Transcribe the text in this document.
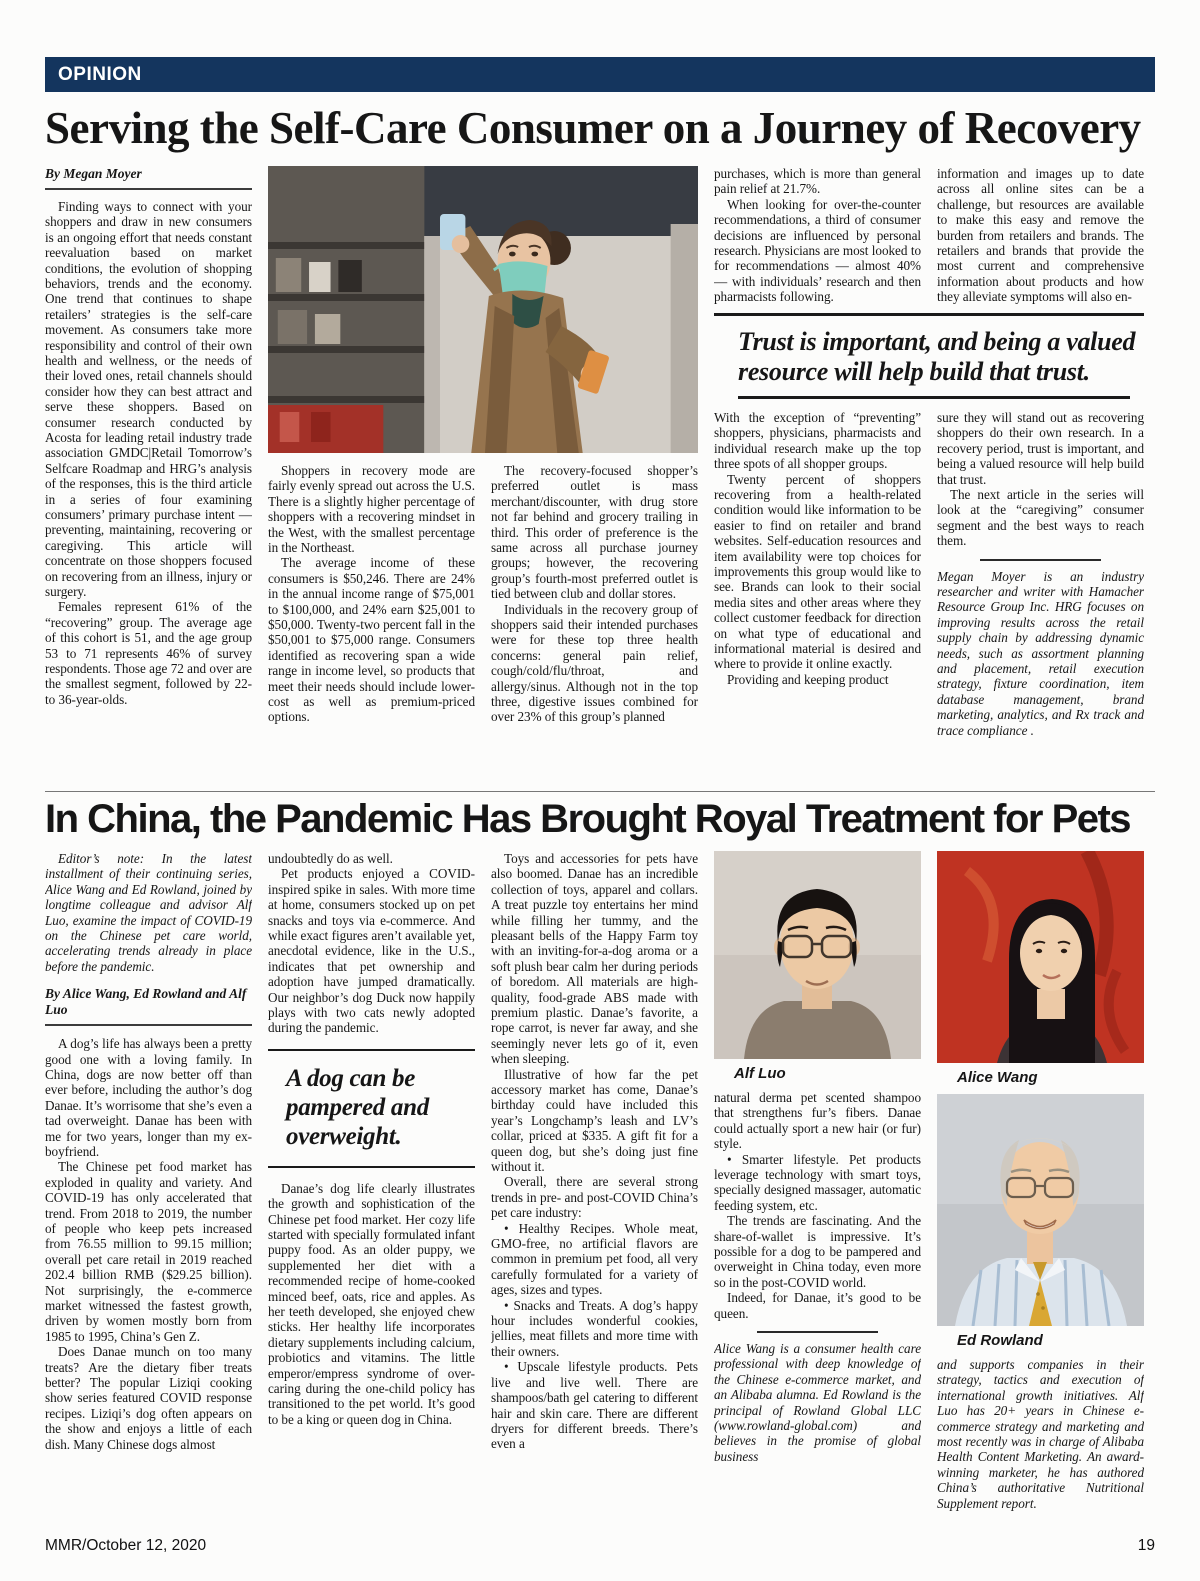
OPINION
Serving the Self-Care Consumer on a Journey of Recovery
By Megan Moyer

Finding ways to connect with your shoppers and draw in new consumers is an ongoing effort that needs constant reevaluation based on market conditions, the evolution of shopping behaviors, trends and the economy. One trend that continues to shape retailers’ strategies is the self-care movement. As consumers take more responsibility and control of their own health and wellness, or the needs of their loved ones, retail channels should consider how they can best attract and serve these shoppers. Based on consumer research conducted by Acosta for leading retail industry trade association GMDC|Retail Tomorrow’s Selfcare Roadmap and HRG’s analysis of the responses, this is the third article in a series of four examining consumers’ primary purchase intent — preventing, maintaining, recovering or caregiving. This article will concentrate on those shoppers focused on recovering from an illness, injury or surgery.

Females represent 61% of the “recovering” group. The average age of this cohort is 51, and the age group 53 to 71 represents 46% of survey respondents. Those age 72 and over are the smallest segment, followed by 22- to 36-year-olds.

Shoppers in recovery mode are fairly evenly spread out across the U.S. There is a slightly higher percentage of shoppers with a recovering mindset in the West, with the smallest percentage in the Northeast.

The average income of these consumers is $50,246. There are 24% in the annual income range of $75,001 to $100,000, and 24% earn $25,001 to $50,000. Twenty-two percent fall in the $50,001 to $75,000 range. Consumers identified as recovering span a wide range in income level, so products that meet their needs should include lower-cost as well as premium-priced options.

The recovery-focused shopper’s preferred outlet is mass merchant/discounter, with drug store not far behind and grocery trailing in third. This order of preference is the same across all purchase journey groups; however, the recovering group’s fourth-most preferred outlet is tied between club and dollar stores.

Individuals in the recovery group of shoppers said their intended purchases were for these top three health concerns: general pain relief, cough/cold/flu/throat, and allergy/sinus. Although not in the top three, digestive issues combined for over 23% of this group’s planned

purchases, which is more than general pain relief at 21.7%.

When looking for over-the-counter recommendations, a third of consumer decisions are influenced by personal research. Physicians are most looked to for recommendations — almost 40% — with individuals’ research and then pharmacists following.

information and images up to date across all online sites can be a challenge, but resources are available to make this easy and remove the burden from retailers and brands. The retailers and brands that provide the most current and comprehensive information about products and how they alleviate symptoms will also en-

Trust is important, and being a valued resource will help build that trust.

With the exception of “preventing” shoppers, physicians, pharmacists and individual research make up the top three spots of all shopper groups.

Twenty percent of shoppers recovering from a health-related condition would like information to be easier to find on retailer and brand websites. Self-education resources and item availability were top choices for improvements this group would like to see. Brands can look to their social media sites and other areas where they collect customer feedback for direction on what type of educational and informational material is desired and where to provide it online exactly.

Providing and keeping product

sure they will stand out as recovering shoppers do their own research. In a recovery period, trust is important, and being a valued resource will help build that trust.

The next article in the series will look at the “caregiving” consumer segment and the best ways to reach them.

Megan Moyer is an industry researcher and writer with Hamacher Resource Group Inc. HRG focuses on improving results across the retail supply chain by addressing dynamic needs, such as assortment planning and placement, retail execution strategy, fixture coordination, item database management, brand marketing, analytics, and Rx track and trace compliance .

In China, the Pandemic Has Brought Royal Treatment for Pets

Editor’s note: In the latest installment of their continuing series, Alice Wang and Ed Rowland, joined by longtime colleague and advisor Alf Luo, examine the impact of COVID-19 on the Chinese pet care world, accelerating trends already in place before the pandemic.

By Alice Wang, Ed Rowland and Alf Luo

A dog’s life has always been a pretty good one with a loving family. In China, dogs are now better off than ever before, including the author’s dog Danae. It’s worrisome that she’s even a tad overweight. Danae has been with me for two years, longer than my ex-boyfriend.

The Chinese pet food market has exploded in quality and variety. And COVID-19 has only accelerated that trend. From 2018 to 2019, the number of people who keep pets increased from 76.55 million to 99.15 million; overall pet care retail in 2019 reached 202.4 billion RMB ($29.25 billion). Not surprisingly, the e-commerce market witnessed the fastest growth, driven by women mostly born from 1985 to 1995, China’s Gen Z.

Does Danae munch on too many treats? Are the dietary fiber treats better? The popular Liziqi cooking show series featured COVID response recipes. Liziqi’s dog often appears on the show and enjoys a little of each dish. Many Chinese dogs almost

undoubtedly do as well.

Pet products enjoyed a COVID-inspired spike in sales. With more time at home, consumers stocked up on pet snacks and toys via e-commerce. And while exact figures aren’t available yet, anecdotal evidence, like in the U.S., indicates that pet ownership and adoption have jumped dramatically. Our neighbor’s dog Duck now happily plays with two cats newly adopted during the pandemic.

A dog can be pampered and overweight.

Danae’s dog life clearly illustrates the growth and sophistication of the Chinese pet food market. Her cozy life started with specially formulated infant puppy food. As an older puppy, we supplemented her diet with a recommended recipe of home-cooked minced beef, oats, rice and apples. As her teeth developed, she enjoyed chew sticks. Her healthy life incorporates dietary supplements including calcium, probiotics and vitamins. The little emperor/empress syndrome of over-caring during the one-child policy has transitioned to the pet world. It’s good to be a king or queen dog in China.

Toys and accessories for pets have also boomed. Danae has an incredible collection of toys, apparel and collars. A treat puzzle toy entertains her mind while filling her tummy, and the pleasant bells of the Happy Farm toy with an inviting-for-a-dog aroma or a soft plush bear calm her during periods of boredom. All materials are high-quality, food-grade ABS made with premium plastic. Danae’s favorite, a rope carrot, is never far away, and she seemingly never lets go of it, even when sleeping.

Illustrative of how far the pet accessory market has come, Danae’s birthday could have included this year’s Longchamp’s leash and LV’s collar, priced at $335. A gift fit for a queen dog, but she’s doing just fine without it.

Overall, there are several strong trends in pre- and post-COVID China’s pet care industry:

• Healthy Recipes. Whole meat, GMO-free, no artificial flavors are common in premium pet food, all very carefully formulated for a variety of ages, sizes and types.

• Snacks and Treats. A dog’s happy hour includes wonderful cookies, jellies, meat fillets and more time with their owners.

• Upscale lifestyle products. Pets live and live well. There are shampoos/bath gel catering to different hair and skin care. There are different dryers for different breeds. There’s even a

Alf Luo

natural derma pet scented shampoo that strengthens fur’s fibers. Danae could actually sport a new hair (or fur) style.

• Smarter lifestyle. Pet products leverage technology with smart toys, specially designed massager, automatic feeding system, etc.

The trends are fascinating. And the share-of-wallet is impressive. It’s possible for a dog to be pampered and overweight in China today, even more so in the post-COVID world.

Indeed, for Danae, it’s good to be queen.

Alice Wang is a consumer health care professional with deep knowledge of the Chinese e-commerce market, and an Alibaba alumna. Ed Rowland is the principal of Rowland Global LLC (www.rowland-global.com) and believes in the promise of global business

Alice Wang
Ed Rowland

and supports companies in their strategy, tactics and execution of international growth initiatives. Alf Luo has 20+ years in Chinese e-commerce strategy and marketing and most recently was in charge of Alibaba Health Content Marketing. An award-winning marketer, he has authored China’s authoritative Nutritional Supplement report.

MMR/October 12, 2020	19
